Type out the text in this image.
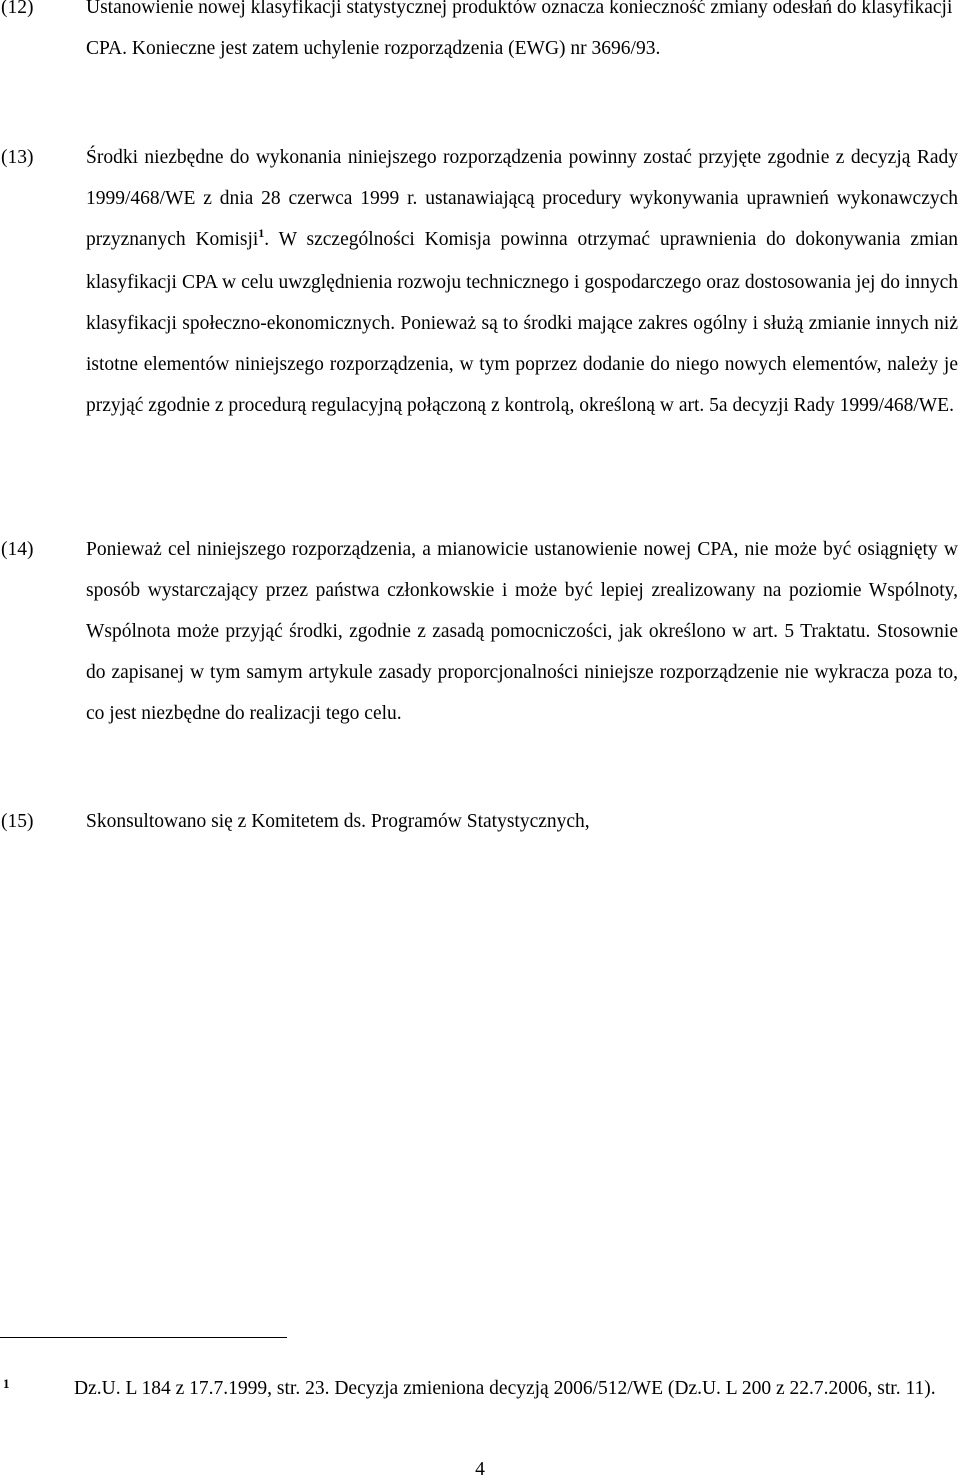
(12)	Ustanowienie nowej klasyfikacji statystycznej produktów oznacza konieczność zmiany odesłań do klasyfikacji CPA. Konieczne jest zatem uchylenie rozporządzenia (EWG) nr 3696/93.
(13)	Środki niezbędne do wykonania niniejszego rozporządzenia powinny zostać przyjęte zgodnie z decyzją Rady 1999/468/WE z dnia 28 czerwca 1999 r. ustanawiającą procedury wykonywania uprawnień wykonawczych przyznanych Komisji$^1$. W szczególności Komisja powinna otrzymać uprawnienia do dokonywania zmian klasyfikacji CPA w celu uwzględnienia rozwoju technicznego i gospodarczego oraz dostosowania jej do innych klasyfikacji społeczno-ekonomicznych. Ponieważ są to środki mające zakres ogólny i służą zmianie innych niż istotne elementów niniejszego rozporządzenia, w tym poprzez dodanie do niego nowych elementów, należy je przyjąć zgodnie z procedurą regulacyjną połączoną z kontrolą, określoną w art. 5a decyzji Rady 1999/468/WE.
(14)	Ponieważ cel niniejszego rozporządzenia, a mianowicie ustanowienie nowej CPA, nie może być osiągnięty w sposób wystarczający przez państwa członkowskie i może być lepiej zrealizowany na poziomie Wspólnoty, Wspólnota może przyjąć środki, zgodnie z zasadą pomocniczości, jak określono w art. 5 Traktatu. Stosownie do zapisanej w tym samym artykule zasady proporcjonalności niniejsze rozporządzenie nie wykracza poza to, co jest niezbędne do realizacji tego celu.
(15)	Skonsultowano się z Komitetem ds. Programów Statystycznych,
1	Dz.U. L 184 z 17.7.1999, str. 23. Decyzja zmieniona decyzją 2006/512/WE (Dz.U. L 200 z 22.7.2006, str. 11).
4
